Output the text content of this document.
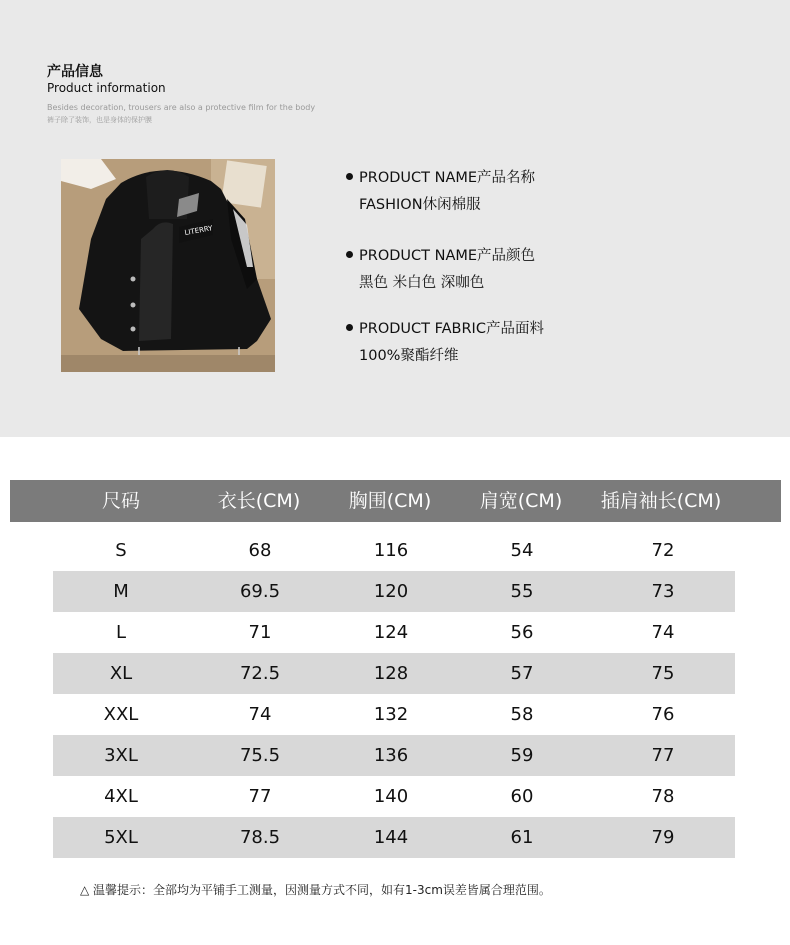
产品信息
Product information
Besides decoration, trousers are also a protective film for the body
裤子除了装饰，也是身体的保护膜
LITERRY
PRODUCT NAME产品名称
FASHION休闲棉服
PRODUCT NAME产品颜色
黑色 米白色 深咖色
PRODUCT FABRIC产品面料
100%聚酯纤维
尺码	衣长(CM)	胸围(CM)	肩宽(CM) 插肩袖长(CM)
S	68	116	54	72
M	69.5	120	55	73
L	71	124	56	74
XL	72.5	128	57	75
XXL	74	132	58	76
3XL	75.5	136	59	77
4XL	77	140	60	78
5XL	78.5	144	61	79
△ 温馨提示：全部均为平铺手工测量，因测量方式不同，如有1-3cm误差皆属合理范围。
